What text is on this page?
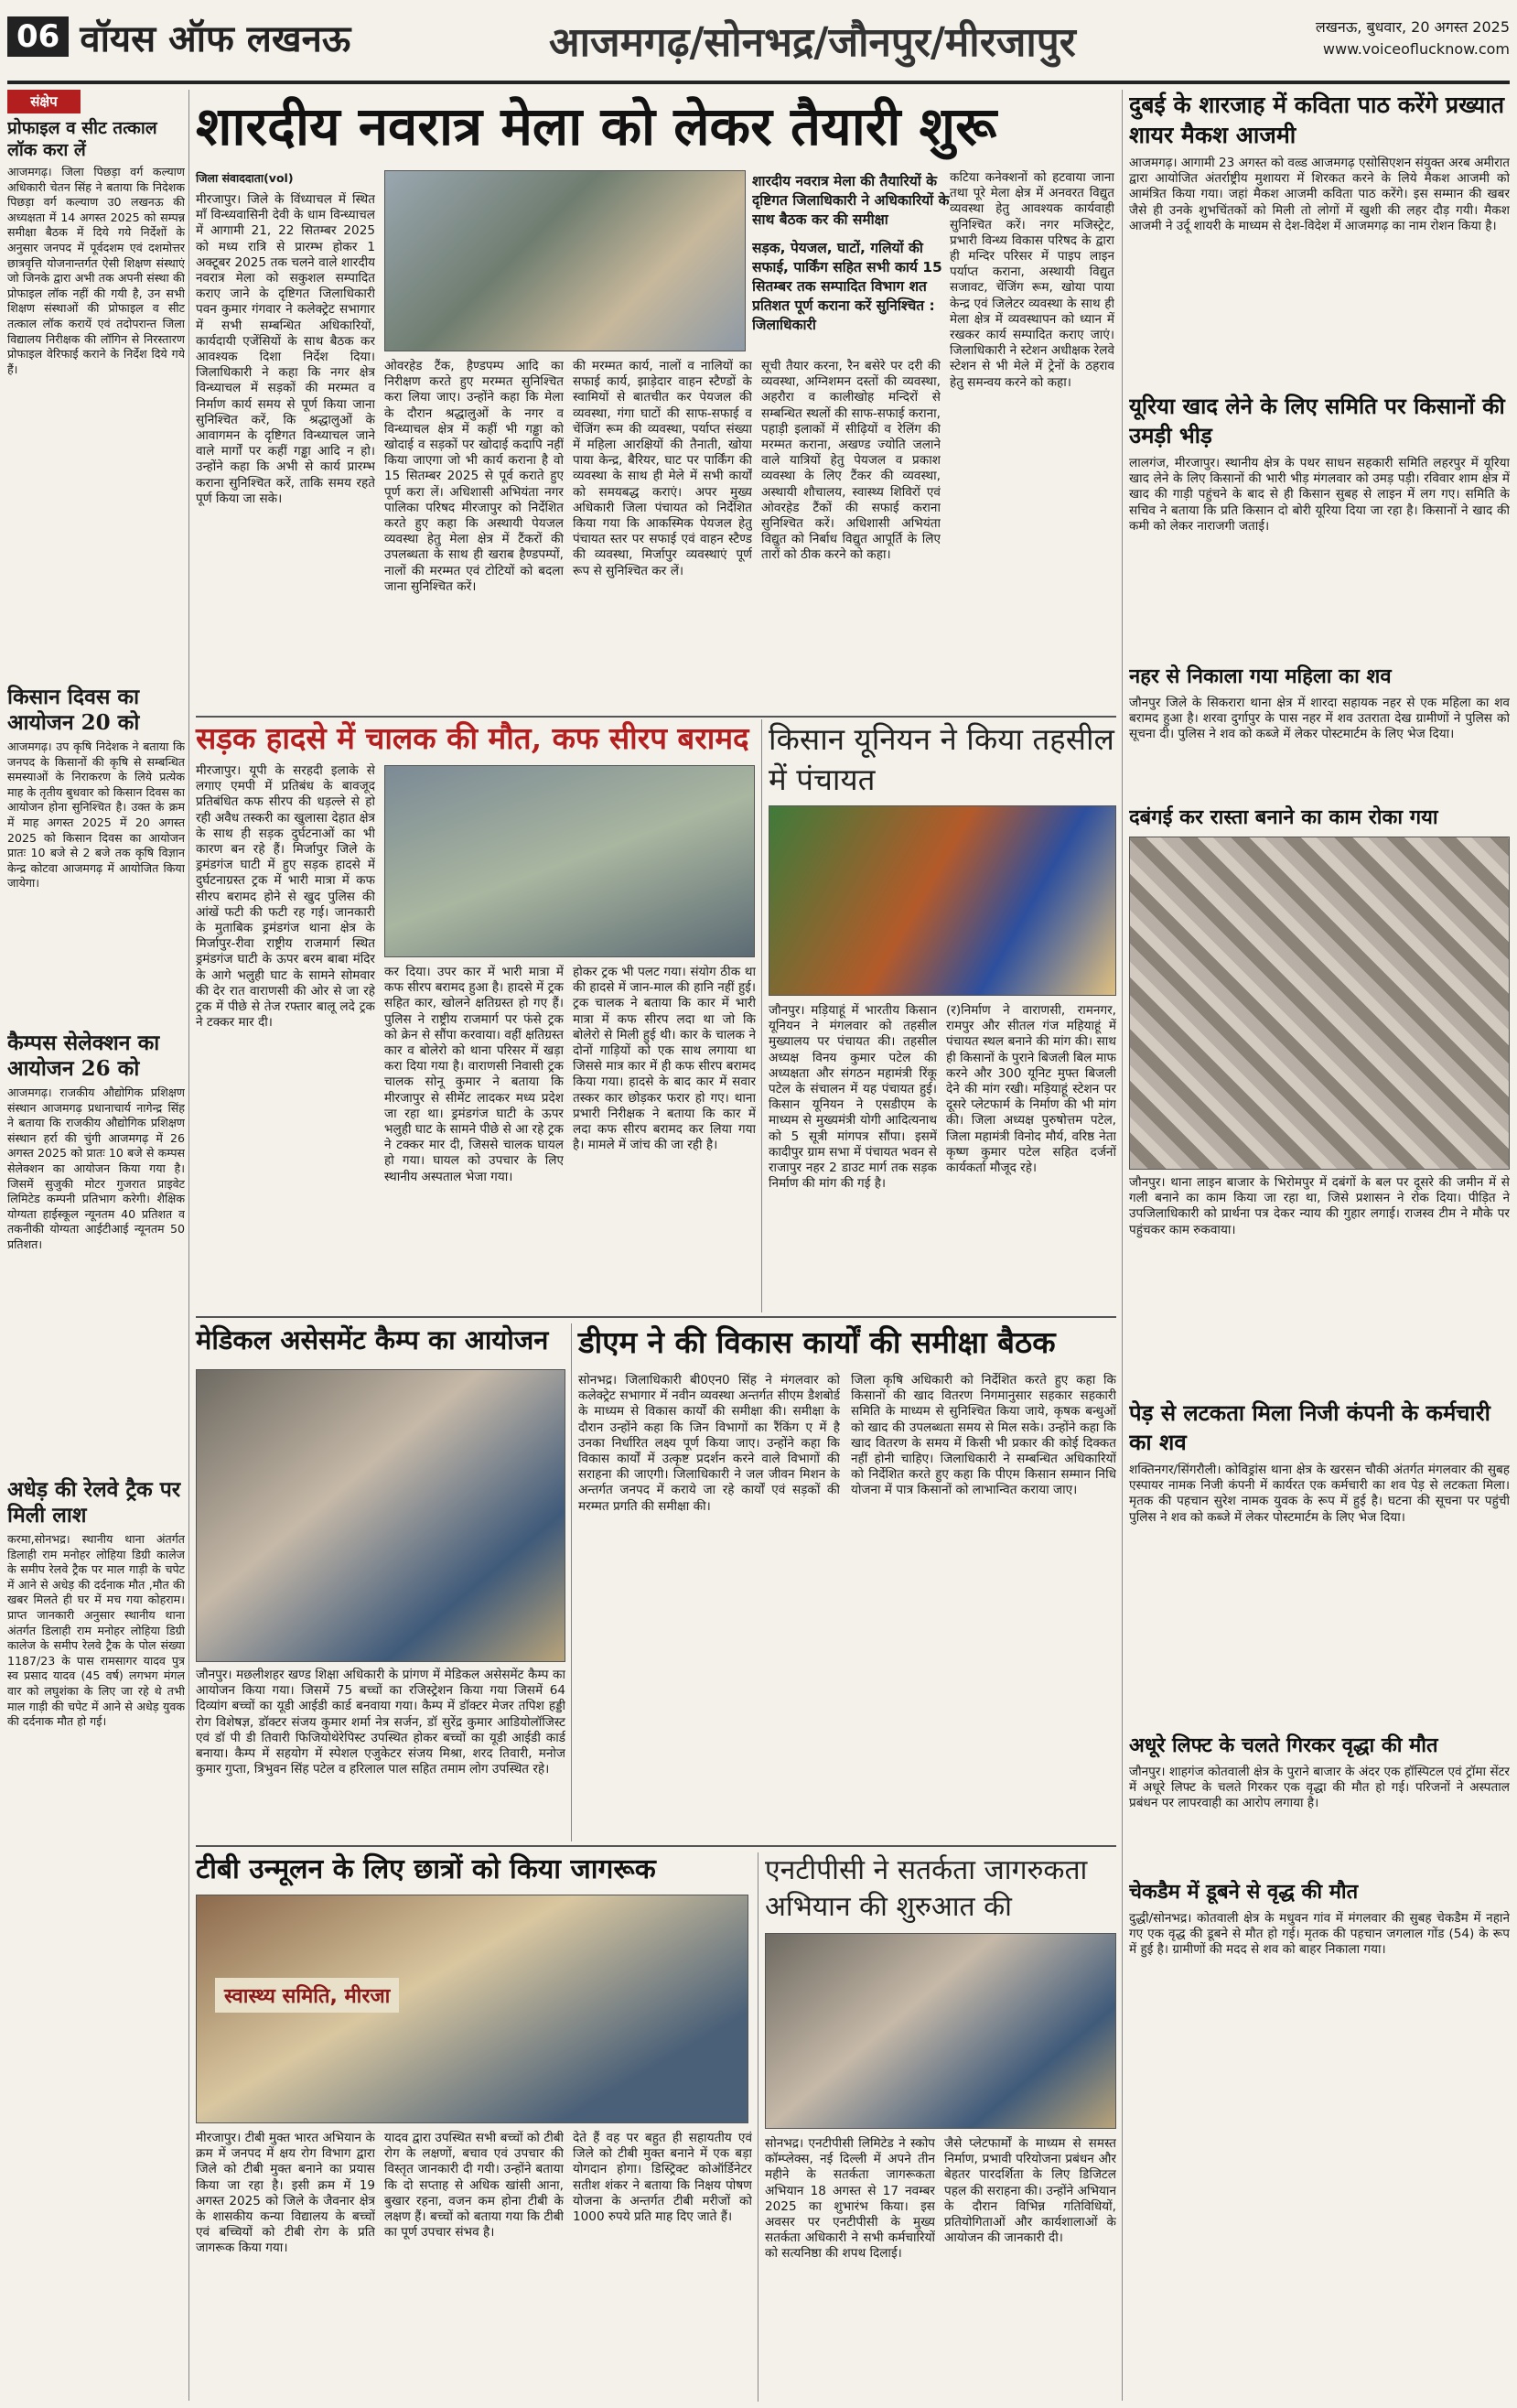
06 वॉयस ऑफ लखनऊ	आजमगढ़/सोनभद्र/जौनपुर/मीरजापुर	लखनऊ, बुधवार, 20 अगस्त 2025
www.voiceoflucknow.com
संक्षेप
प्रोफाइल व सीट तत्काल लॉक करा लें
आजमगढ़। जिला पिछड़ा वर्ग कल्याण अधिकारी चेतन सिंह ने बताया कि निदेशक पिछड़ा वर्ग कल्याण उ0 लखनऊ की अध्यक्षता में 14 अगस्त 2025 को सम्पन्न समीक्षा बैठक में दिये गये निर्देशों के अनुसार जनपद में पूर्वदशम एवं दशमोत्तर छात्रवृत्ति योजनान्तर्गत ऐसी शिक्षण संस्थाएं जो जिनके द्वारा अभी तक अपनी संस्था की प्रोफाइल लॉक नहीं की गयी है, उन सभी शिक्षण संस्थाओं की प्रोफाइल व सीट तत्काल लॉक करायें एवं तदोपरान्त जिला विद्यालय निरीक्षक की लॉगिन से निरस्तारण प्रोफाइल वेरिफाई कराने के निर्देश दिये गये हैं।
किसान दिवस का आयोजन 20 को
आजमगढ़। उप कृषि निदेशक ने बताया कि जनपद के किसानों की कृषि से सम्बन्धित समस्याओं के निराकरण के लिये प्रत्येक माह के तृतीय बुधवार को किसान दिवस का आयोजन होना सुनिश्चित है। उक्त के क्रम में माह अगस्त 2025 में 20 अगस्त 2025 को किसान दिवस का आयोजन प्रातः 10 बजे से 2 बजे तक कृषि विज्ञान केन्द्र कोटवा आजमगढ़ में आयोजित किया जायेगा।
कैम्पस सेलेक्शन का आयोजन 26 को
आजमगढ़। राजकीय औद्योगिक प्रशिक्षण संस्थान आजमगढ़ प्रधानाचार्य नागेन्द्र सिंह ने बताया कि राजकीय औद्योगिक प्रशिक्षण संस्थान हर्रा की चुंगी आजमगढ़ में 26 अगस्त 2025 को प्रातः 10 बजे से कम्पस सेलेक्शन का आयोजन किया गया है। जिसमें सुजुकी मोटर गुजरात प्राइवेट लिमिटेड कम्पनी प्रतिभाग करेगी। शैक्षिक योग्यता हाईस्कूल न्यूनतम 40 प्रतिशत व तकनीकी योग्यता आईटीआई न्यूनतम 50 प्रतिशत।
अधेड़ की रेलवे ट्रैक पर मिली लाश
करमा,सोनभद्र। स्थानीय थाना अंतर्गत डिलाही राम मनोहर लोहिया डिग्री कालेज के समीप रेलवे ट्रैक पर माल गाड़ी के चपेट में आने से अधेड़ की दर्दनाक मौत ,मौत की खबर मिलते ही घर में मच गया कोहराम। प्राप्त जानकारी अनुसार स्थानीय थाना अंतर्गत डिलाही राम मनोहर लोहिया डिग्री कालेज के समीप रेलवे ट्रैक के पोल संख्या 1187/23 के पास रामसागर यादव पुत्र स्व प्रसाद यादव (45 वर्ष) लगभग मंगल वार को लघुशंका के लिए जा रहे थे तभी माल गाड़ी की चपेट में आने से अधेड़ युवक की दर्दनाक मौत हो गई।
शारदीय नवरात्र मेला को लेकर तैयारी शुरू
जिला संवाददाता(vol)	शारदीय नवरात्र मेला की तैयारियों के दृष्टिगत जिलाधिकारी ने अधिकारियों के साथ बैठक कर की समीक्षा
सड़क, पेयजल, घाटों, गलियों की सफाई, पार्किंग सहित सभी कार्य 15 सितम्बर तक सम्पादित विभाग शत प्रतिशत पूर्ण कराना करें सुनिश्चित : जिलाधिकारी
मीरजापुर। जिले के विंध्याचल में स्थित माँ विन्ध्यवासिनी देवी के धाम विन्ध्याचल में आगामी 21, 22 सितम्बर 2025 को मध्य रात्रि से प्रारम्भ होकर 1 अक्टूबर 2025 तक चलने वाले शारदीय नवरात्र मेला को सकुशल सम्पादित कराए जाने के दृष्टिगत जिलाधिकारी पवन कुमार गंगवार ने कलेक्ट्रेट सभागार में सभी सम्बन्धित अधिकारियों, कार्यदायी एजेंसियों के साथ बैठक कर आवश्यक दिशा निर्देश दिया। जिलाधिकारी ने कहा कि नगर क्षेत्र विन्ध्याचल में सड़कों की मरम्मत व निर्माण कार्य समय से पूर्ण किया जाना सुनिश्चित करें, कि श्रद्धालुओं के आवागमन के दृष्टिगत विन्ध्याचल जाने वाले मार्गों पर कहीं गड्ढा आदि न हो। उन्होंने कहा कि अभी से कार्य प्रारम्भ कराना सुनिश्चित करें, ताकि समय रहते पूर्ण किया जा सके।
ओवरहेड टैंक, हैण्डपम्प आदि का निरीक्षण करते हुए मरम्मत सुनिश्चित करा लिया जाए। उन्होंने कहा कि मेला के दौरान श्रद्धालुओं के नगर व विन्ध्याचल क्षेत्र में कहीं भी गड्ढा को खोदाई व सड़कों पर खोदाई कदापि नहीं किया जाएगा जो भी कार्य कराना है वो 15 सितम्बर 2025 से पूर्व कराते हुए पूर्ण करा लें। अधिशासी अभियंता नगर पालिका परिषद मीरजापुर को निर्देशित करते हुए कहा कि अस्थायी पेयजल व्यवस्था हेतु मेला क्षेत्र में टैंकरों की उपलब्धता के साथ ही खराब हैण्डपम्पों, नालों की मरम्मत एवं टोटियों को बदला जाना सुनिश्चित करें।
की मरम्मत कार्य, नालों व नालियों का सफाई कार्य, झाड़ेदार वाहन स्टैण्डों के स्वामियों से बातचीत कर पेयजल की व्यवस्था, गंगा घाटों की साफ-सफाई व चेंजिंग रूम की व्यवस्था, पर्याप्त संख्या में महिला आरक्षियों की तैनाती, खोया पाया केन्द्र, बैरियर, घाट पर पार्किंग की व्यवस्था के साथ ही मेले में सभी कार्यों को समयबद्ध कराएं। अपर मुख्य अधिकारी जिला पंचायत को निर्देशित किया गया कि आकस्मिक पेयजल हेतु पंचायत स्तर पर सफाई एवं वाहन स्टैण्ड की व्यवस्था, मिर्जापुर व्यवस्थाएं पूर्ण रूप से सुनिश्चित कर लें।
सूची तैयार करना, रैन बसेरे पर दरी की व्यवस्था, अग्निशमन दस्तों की व्यवस्था, अहरौरा व कालीखोह मन्दिरों से सम्बन्धित स्थलों की साफ-सफाई कराना, पहाड़ी इलाकों में सीढ़ियों व रेलिंग की मरम्मत कराना, अखण्ड ज्योति जलाने वाले यात्रियों हेतु पेयजल व प्रकाश व्यवस्था के लिए टैंकर की व्यवस्था, अस्थायी शौचालय, स्वास्थ्य शिविरों एवं ओवरहेड टैंकों की सफाई कराना सुनिश्चित करें। अधिशासी अभियंता विद्युत को निर्बाध विद्युत आपूर्ति के लिए तारों को ठीक करने को कहा।
कटिया कनेक्शनों को हटवाया जाना तथा पूरे मेला क्षेत्र में अनवरत विद्युत व्यवस्था हेतु आवश्यक कार्यवाही सुनिश्चित करें। नगर मजिस्ट्रेट, प्रभारी विन्ध्य विकास परिषद के द्वारा ही मन्दिर परिसर में पाइप लाइन पर्याप्त कराना, अस्थायी विद्युत सजावट, चेंजिंग रूम, खोया पाया केन्द्र एवं जिलेटर व्यवस्था के साथ ही मेला क्षेत्र में व्यवस्थापन को ध्यान में रखकर कार्य सम्पादित कराए जाएं। जिलाधिकारी ने स्टेशन अधीक्षक रेलवे स्टेशन से भी मेले में ट्रेनों के ठहराव हेतु समन्वय करने को कहा।
सड़क हादसे में चालक की मौत, कफ सीरप बरामद
मीरजापुर। यूपी के सरहदी इलाके से लगाए एमपी में प्रतिबंध के बावजूद प्रतिबंधित कफ सीरप की धड़ल्ले से हो रही अवैध तस्करी का खुलासा देहात क्षेत्र के साथ ही सड़क दुर्घटनाओं का भी कारण बन रहे हैं। मिर्जापुर जिले के ड्रमंडगंज घाटी में हुए सड़क हादसे में दुर्घटनाग्रस्त ट्रक में भारी मात्रा में कफ सीरप बरामद होने से खुद पुलिस की आंखें फटी की फटी रह गई। जानकारी के मुताबिक ड्रमंडगंज थाना क्षेत्र के मिर्जापुर-रीवा राष्ट्रीय राजमार्ग स्थित ड्रमंडगंज घाटी के ऊपर बरम बाबा मंदिर के आगे भलुही घाट के सामने सोमवार की देर रात वाराणसी की ओर से जा रहे ट्रक में पीछे से तेज रफ्तार बालू लदे ट्रक ने टक्कर मार दी।
कर दिया। उपर कार में भारी मात्रा में कफ सीरप बरामद हुआ है। हादसे में ट्रक सहित कार, खोलने क्षतिग्रस्त हो गए हैं। पुलिस ने राष्ट्रीय राजमार्ग पर फंसे ट्रक को क्रेन से सौंपा करवाया। वहीं क्षतिग्रस्त कार व बोलेरो को थाना परिसर में खड़ा करा दिया गया है। वाराणसी निवासी ट्रक चालक सोनू कुमार ने बताया कि मीरजापुर से सीमेंट लादकर मध्य प्रदेश जा रहा था। ड्रमंडगंज घाटी के ऊपर भलुही घाट के सामने पीछे से आ रहे ट्रक ने टक्कर मार दी, जिससे चालक घायल हो गया। घायल को उपचार के लिए स्थानीय अस्पताल भेजा गया।
होकर ट्रक भी पलट गया। संयोग ठीक था की हादसे में जान-माल की हानि नहीं हुई। ट्रक चालक ने बताया कि कार में भारी मात्रा में कफ सीरप लदा था जो कि बोलेरो से मिली हुई थी। कार के चालक ने दोनों गाड़ियों को एक साथ लगाया था जिससे मात्र कार में ही कफ सीरप बरामद किया गया। हादसे के बाद कार में सवार तस्कर कार छोड़कर फरार हो गए। थाना प्रभारी निरीक्षक ने बताया कि कार में लदा कफ सीरप बरामद कर लिया गया है। मामले में जांच की जा रही है।
किसान यूनियन ने किया तहसील में पंचायत
जौनपुर। मड़ियाहूं में भारतीय किसान यूनियन ने मंगलवार को तहसील मुख्यालय पर पंचायत की। तहसील अध्यक्ष विनय कुमार पटेल की अध्यक्षता और संगठन महामंत्री रिंकू पटेल के संचालन में यह पंचायत हुई। किसान यूनियन ने एसडीएम के माध्यम से मुख्यमंत्री योगी आदित्यनाथ को 5 सूत्री मांगपत्र सौंपा। इसमें कादीपुर ग्राम सभा में पंचायत भवन से राजापुर नहर 2 डाउट मार्ग तक सड़क निर्माण की मांग की गई है।
(र)निर्माण ने वाराणसी, रामनगर, रामपुर और सीतल गंज महियाहूं में पंचायत स्थल बनाने की मांग की। साथ ही किसानों के पुराने बिजली बिल माफ करने और 300 यूनिट मुफ्त बिजली देने की मांग रखी। मड़ियाहूं स्टेशन पर दूसरे प्लेटफार्म के निर्माण की भी मांग की। जिला अध्यक्ष पुरुषोत्तम पटेल, जिला महामंत्री विनोद मौर्य, वरिष्ठ नेता कृष्ण कुमार पटेल सहित दर्जनों कार्यकर्ता मौजूद रहे।
मेडिकल असेसमेंट कैम्प का आयोजन
जौनपुर। मछलीशहर खण्ड शिक्षा अधिकारी के प्रांगण में मेडिकल असेसमेंट कैम्प का आयोजन किया गया। जिसमें 75 बच्चों का रजिस्ट्रेशन किया गया जिसमें 64 दिव्यांग बच्चों का यूडी आईडी कार्ड बनवाया गया। कैम्प में डॉक्टर मेजर तपिश हड्डी रोग विशेषज्ञ, डॉक्टर संजय कुमार शर्मा नेत्र सर्जन, डॉ सुरेंद्र कुमार आडियोलॉजिस्ट एवं डॉ पी डी तिवारी फिजियोथेरेपिस्ट उपस्थित होकर बच्चों का यूडी आईडी कार्ड बनाया। कैम्प में सहयोग में स्पेशल एजुकेटर संजय मिश्रा, शरद तिवारी, मनोज कुमार गुप्ता, त्रिभुवन सिंह पटेल व हरिलाल पाल सहित तमाम लोग उपस्थित रहे।
डीएम ने की विकास कार्यों की समीक्षा बैठक
सोनभद्र। जिलाधिकारी बी0एन0 सिंह ने मंगलवार को कलेक्ट्रेट सभागार में नवीन व्यवस्था अन्तर्गत सीएम डैशबोर्ड के माध्यम से विकास कार्यों की समीक्षा की। समीक्षा के दौरान उन्होंने कहा कि जिन विभागों का रैंकिंग ए में है उनका निर्धारित लक्ष्य पूर्ण किया जाए। उन्होंने कहा कि विकास कार्यों में उत्कृष्ट प्रदर्शन करने वाले विभागों की सराहना की जाएगी। जिलाधिकारी ने जल जीवन मिशन के अन्तर्गत जनपद में कराये जा रहे कार्यों एवं सड़कों की मरम्मत प्रगति की समीक्षा की।
जिला कृषि अधिकारी को निर्देशित करते हुए कहा कि किसानों की खाद वितरण निगमानुसार सहकार सहकारी समिति के माध्यम से सुनिश्चित किया जाये, कृषक बन्धुओं को खाद की उपलब्धता समय से मिल सके। उन्होंने कहा कि खाद वितरण के समय में किसी भी प्रकार की कोई दिक्कत नहीं होनी चाहिए। जिलाधिकारी ने सम्बन्धित अधिकारियों को निर्देशित करते हुए कहा कि पीएम किसान सम्मान निधि योजना में पात्र किसानों को लाभान्वित कराया जाए।
टीबी उन्मूलन के लिए छात्रों को किया जागरूक
स्वास्थ्य समिति, मीरजा
मीरजापुर। टीबी मुक्त भारत अभियान के क्रम में जनपद में क्षय रोग विभाग द्वारा जिले को टीबी मुक्त बनाने का प्रयास किया जा रहा है। इसी क्रम में 19 अगस्त 2025 को जिले के जैवनार क्षेत्र के शासकीय कन्या विद्यालय के बच्चों एवं बच्चियों को टीबी रोग के प्रति जागरूक किया गया।
यादव द्वारा उपस्थित सभी बच्चों को टीबी रोग के लक्षणों, बचाव एवं उपचार की विस्तृत जानकारी दी गयी। उन्होंने बताया कि दो सप्ताह से अधिक खांसी आना, बुखार रहना, वजन कम होना टीबी के लक्षण हैं। बच्चों को बताया गया कि टीबी का पूर्ण उपचार संभव है।
देते हैं वह पर बहुत ही सहायतीय एवं जिले को टीबी मुक्त बनाने में एक बड़ा योगदान होगा। डिस्ट्रिक्ट कोऑर्डिनेटर सतीश शंकर ने बताया कि निक्षय पोषण योजना के अन्तर्गत टीबी मरीजों को 1000 रुपये प्रति माह दिए जाते हैं।
एनटीपीसी ने सतर्कता जागरुकता अभियान की शुरुआत की
सोनभद्र। एनटीपीसी लिमिटेड ने स्कोप कॉम्प्लेक्स, नई दिल्ली में अपने तीन महीने के सतर्कता जागरूकता अभियान 18 अगस्त से 17 नवम्बर 2025 का शुभारंभ किया। इस अवसर पर एनटीपीसी के मुख्य सतर्कता अधिकारी ने सभी कर्मचारियों को सत्यनिष्ठा की शपथ दिलाई।
जैसे प्लेटफार्मों के माध्यम से समस्त निर्माण, प्रभावी परियोजना प्रबंधन और बेहतर पारदर्शिता के लिए डिजिटल पहल की सराहना की। उन्होंने अभियान के दौरान विभिन्न गतिविधियों, प्रतियोगिताओं और कार्यशालाओं के आयोजन की जानकारी दी।
दुबई के शारजाह में कविता पाठ करेंगे प्रख्यात शायर मैकश आजमी
आजमगढ़। आगामी 23 अगस्त को वल्र्ड आजमगढ़ एसोसिएशन संयुक्त अरब अमीरात द्वारा आयोजित अंतर्राष्ट्रीय मुशायरा में शिरकत करने के लिये मैकश आजमी को आमंत्रित किया गया। जहां मैकश आजमी कविता पाठ करेंगे। इस सम्मान की खबर जैसे ही उनके शुभचिंतकों को मिली तो लोगों में खुशी की लहर दौड़ गयी। मैकश आजमी ने उर्दू शायरी के माध्यम से देश-विदेश में आजमगढ़ का नाम रोशन किया है।
यूरिया खाद लेने के लिए समिति पर किसानों की उमड़ी भीड़
लालगंज, मीरजापुर। स्थानीय क्षेत्र के पथर साधन सहकारी समिति लहरपुर में यूरिया खाद लेने के लिए किसानों की भारी भीड़ मंगलवार को उमड़ पड़ी। रविवार शाम क्षेत्र में खाद की गाड़ी पहुंचने के बाद से ही किसान सुबह से लाइन में लग गए। समिति के सचिव ने बताया कि प्रति किसान दो बोरी यूरिया दिया जा रहा है। किसानों ने खाद की कमी को लेकर नाराजगी जताई।
नहर से निकाला गया महिला का शव
जौनपुर जिले के सिकरारा थाना क्षेत्र में शारदा सहायक नहर से एक महिला का शव बरामद हुआ है। शरवा दुर्गापुर के पास नहर में शव उतराता देख ग्रामीणों ने पुलिस को सूचना दी। पुलिस ने शव को कब्जे में लेकर पोस्टमार्टम के लिए भेज दिया।
दबंगई कर रास्ता बनाने का काम रोका गया
जौनपुर। थाना लाइन बाजार के भिरोमपुर में दबंगों के बल पर दूसरे की जमीन में से गली बनाने का काम किया जा रहा था, जिसे प्रशासन ने रोक दिया। पीड़ित ने उपजिलाधिकारी को प्रार्थना पत्र देकर न्याय की गुहार लगाई। राजस्व टीम ने मौके पर पहुंचकर काम रुकवाया।
पेड़ से लटकता मिला निजी कंपनी के कर्मचारी का शव
शक्तिनगर/सिंगरौली। कोविड्रांस थाना क्षेत्र के खरसन चौकी अंतर्गत मंगलवार की सुबह एस्पायर नामक निजी कंपनी में कार्यरत एक कर्मचारी का शव पेड़ से लटकता मिला। मृतक की पहचान सुरेश नामक युवक के रूप में हुई है। घटना की सूचना पर पहुंची पुलिस ने शव को कब्जे में लेकर पोस्टमार्टम के लिए भेज दिया।
अधूरे लिफ्ट के चलते गिरकर वृद्धा की मौत
जौनपुर। शाहगंज कोतवाली क्षेत्र के पुराने बाजार के अंदर एक हॉस्पिटल एवं ट्रॉमा सेंटर में अधूरे लिफ्ट के चलते गिरकर एक वृद्धा की मौत हो गई। परिजनों ने अस्पताल प्रबंधन पर लापरवाही का आरोप लगाया है।
चेकडैम में डूबने से वृद्ध की मौत
दुद्धी/सोनभद्र। कोतवाली क्षेत्र के मधुवन गांव में मंगलवार की सुबह चेकडैम में नहाने गए एक वृद्ध की डूबने से मौत हो गई। मृतक की पहचान जगलाल गोंड (54) के रूप में हुई है। ग्रामीणों की मदद से शव को बाहर निकाला गया।
